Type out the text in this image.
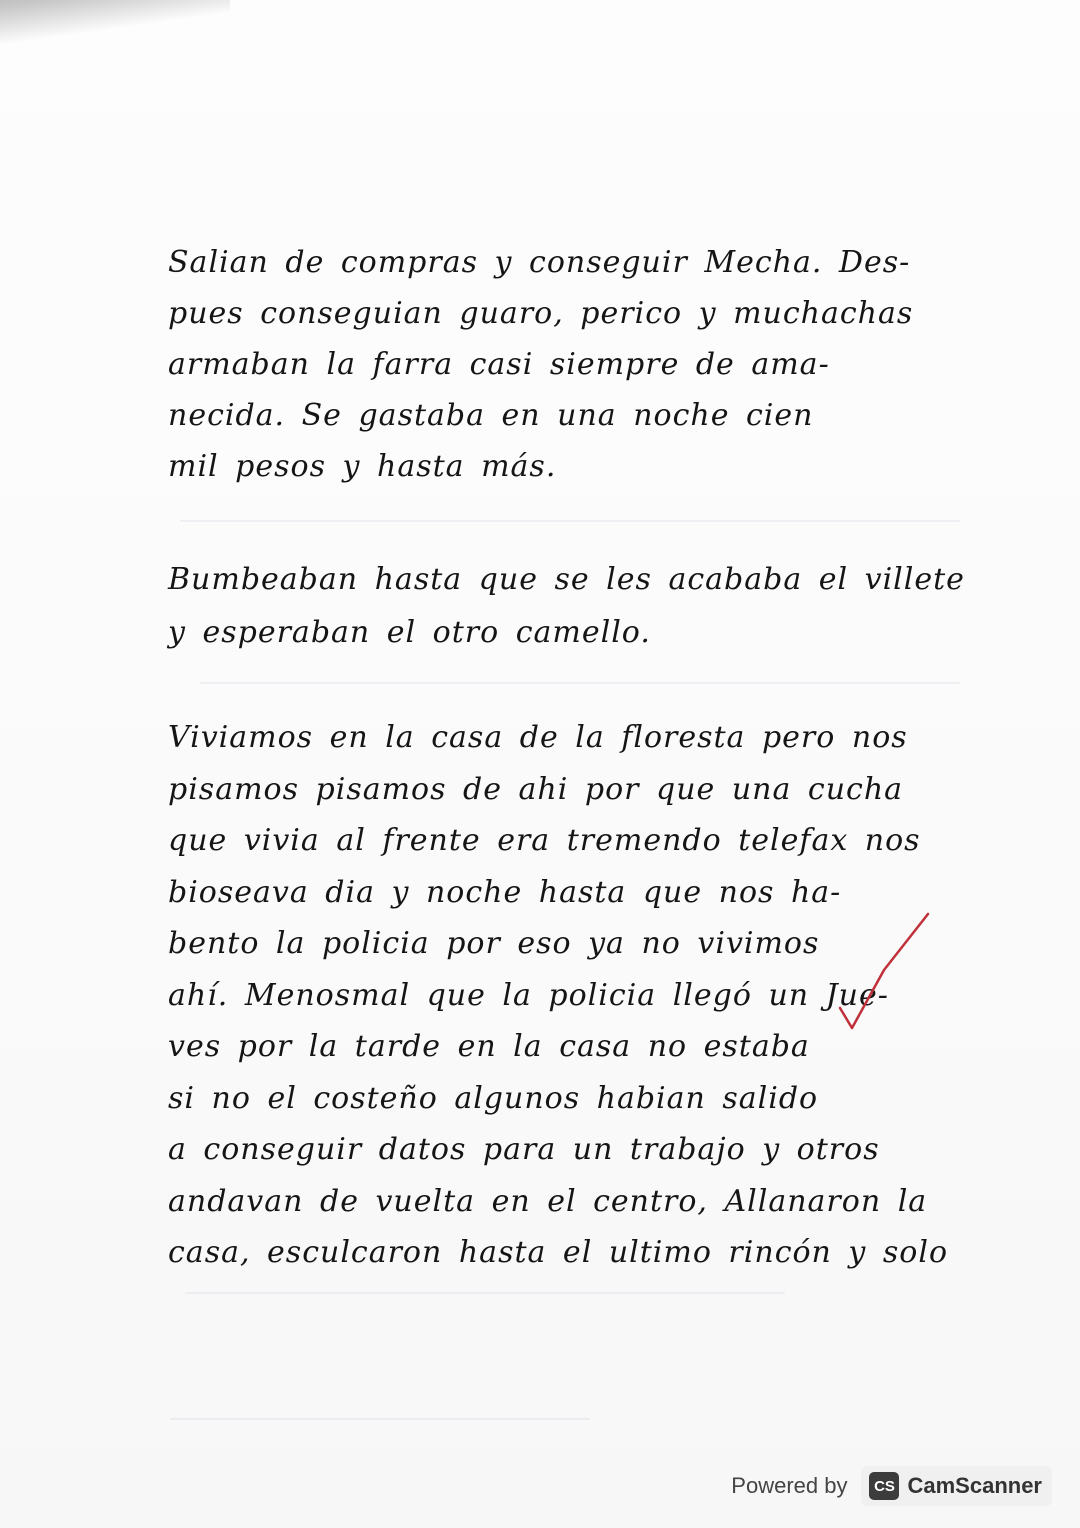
Salian de compras y conseguir Mecha. Des-
pues conseguian guaro, perico y muchachas
armaban la farra casi siempre de ama-
necida. Se gastaba en una noche cien
mil pesos y hasta más.
Bumbeaban hasta que se les acababa el villete
y esperaban el otro camello.
Viviamos en la casa de la floresta pero nos
pisamos pisamos de ahi por que una cucha
que vivia al frente era tremendo telefax nos
bioseava dia y noche hasta que nos ha-
bento la policia por eso ya no vivimos
ahí. Menosmal que la policia llegó un Jue-
ves por la tarde en la casa no estaba
si no el costeño algunos habian salido
a conseguir datos para un trabajo y otros
andavan de vuelta en el centro, Allanaron la
casa, esculcaron hasta el ultimo rincón y solo
Powered by	CS CamScanner
